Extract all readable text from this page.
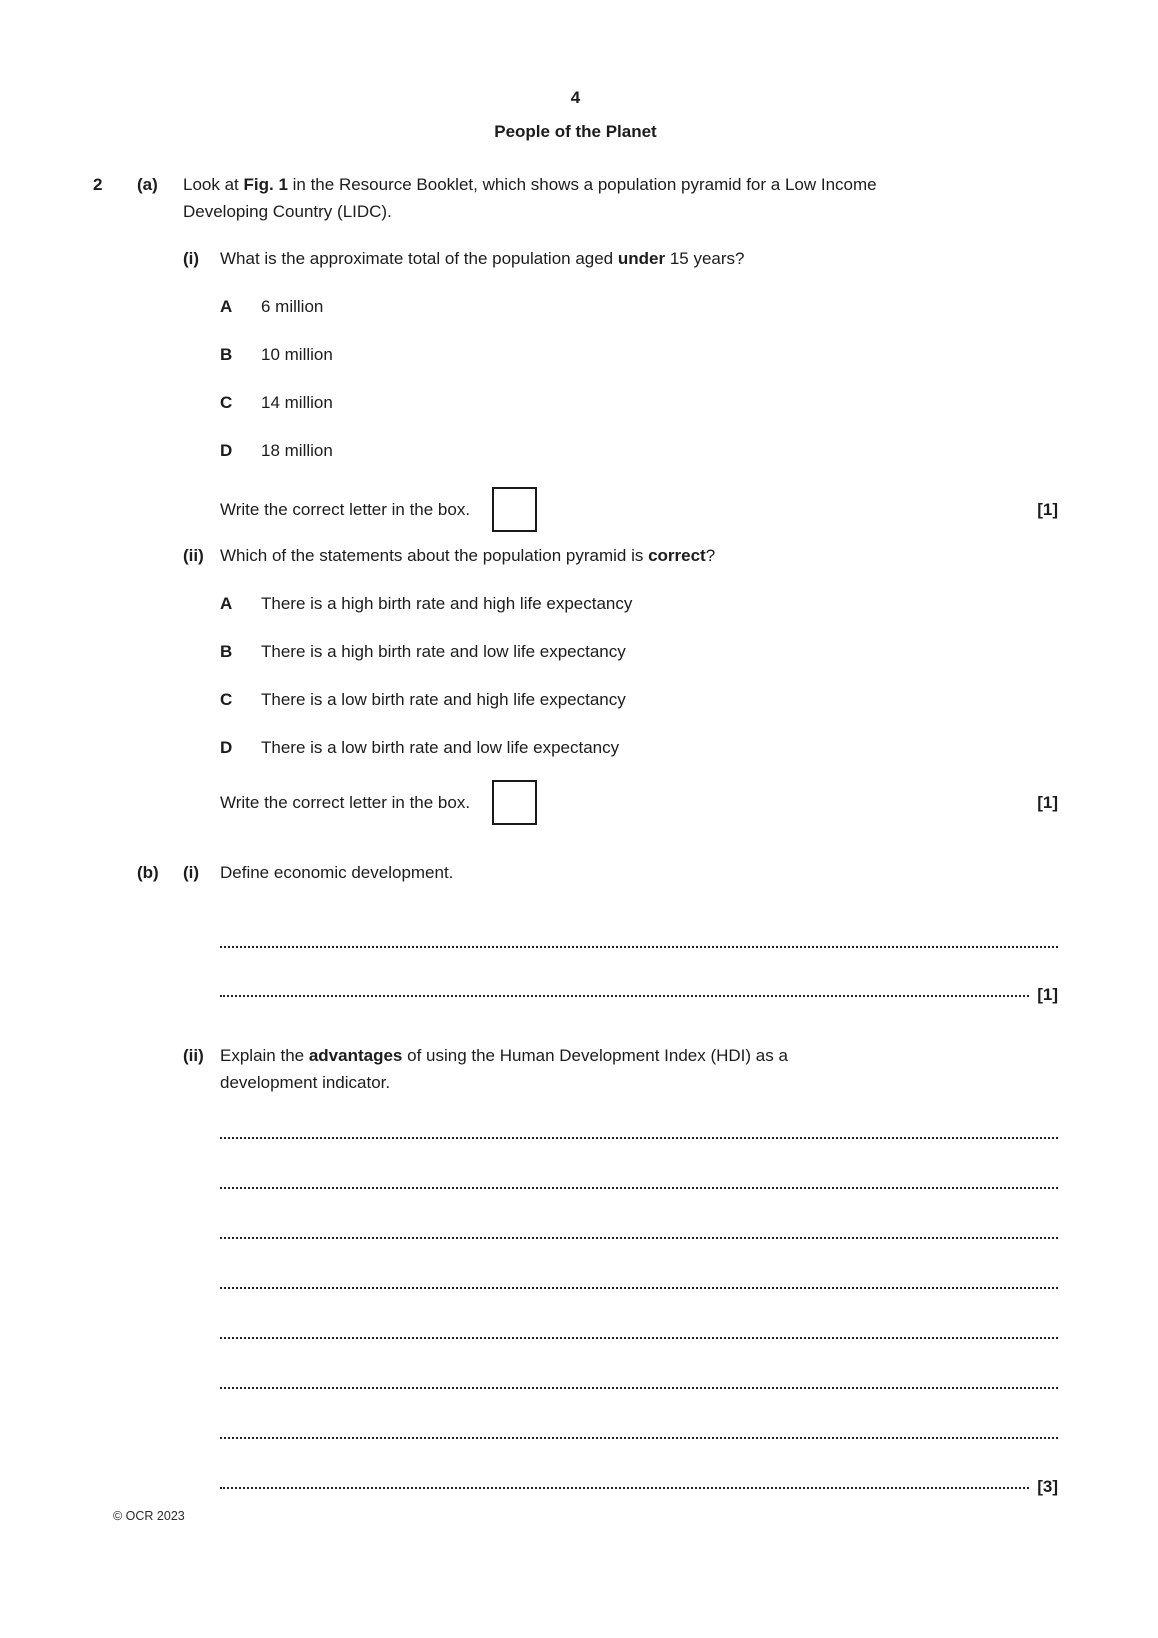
4
People of the Planet
2	(a)	Look at Fig. 1 in the Resource Booklet, which shows a population pyramid for a Low Income
Developing Country (LIDC).

(i)	What is the approximate total of the population aged under 15 years?

A	6 million
B	10 million
C	14 million
D	18 million
Write the correct letter in the box.	[1]
(ii) Which of the statements about the population pyramid is correct?

A	There is a high birth rate and high life expectancy
B	There is a high birth rate and low life expectancy
C	There is a low birth rate and high life expectancy
D	There is a low birth rate and low life expectancy
Write the correct letter in the box.	[1]
(b)	(i)	Define economic development.

[1]
(ii) Explain the advantages of using the Human Development Index (HDI) as a
development indicator.

[3]
© OCR 2023
